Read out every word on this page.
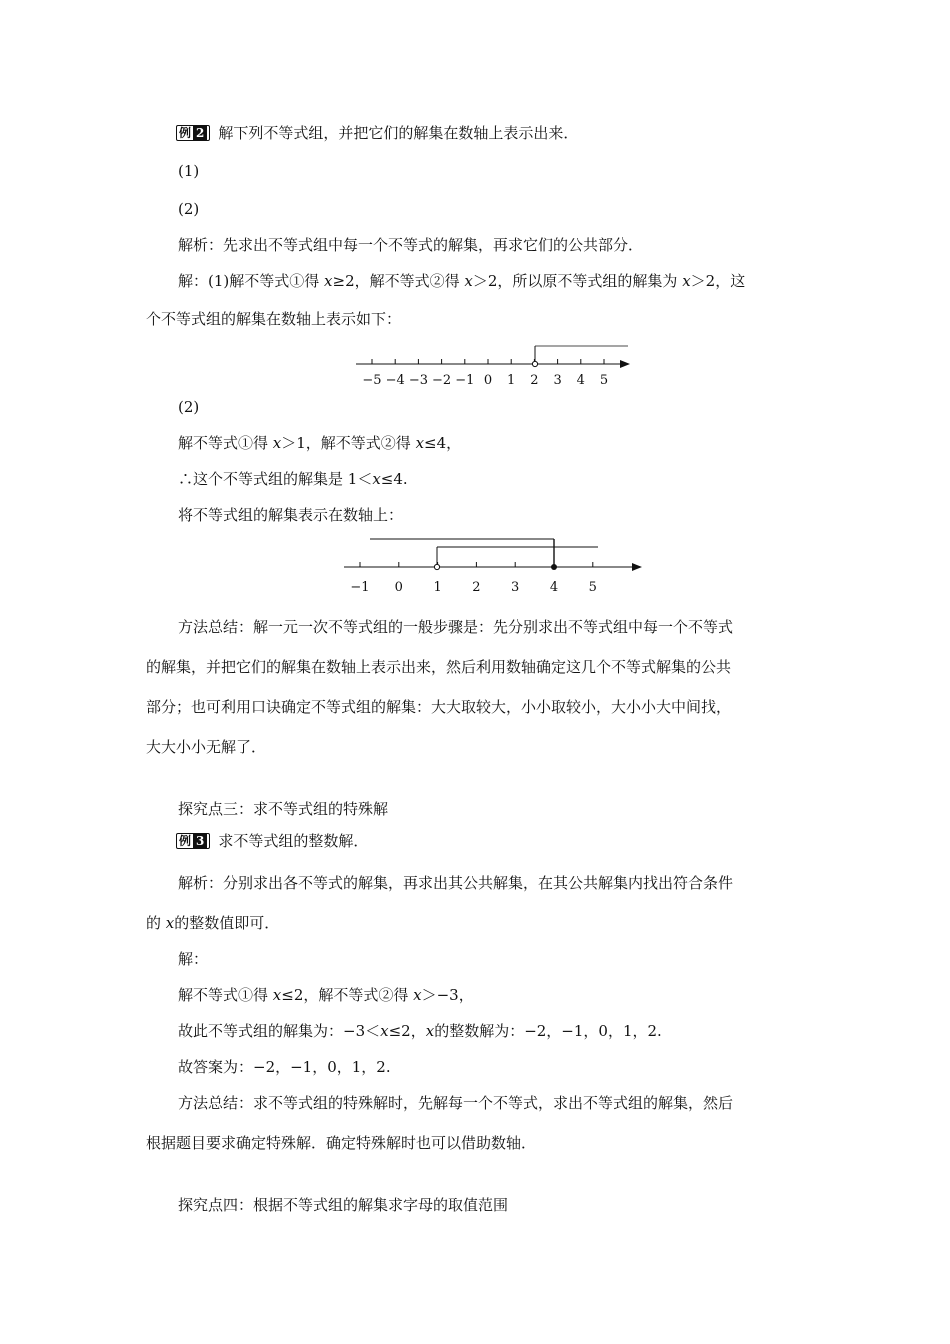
例 2 解下列不等式组，并把它们的解集在数轴上表示出来．
(1)
(2)
解析：先求出不等式组中每一个不等式的解集，再求它们的公共部分．
解：(1)解不等式①得 x≥2，解不等式②得 x＞2，所以原不等式组的解集为 x＞2，这
个不等式组的解集在数轴上表示如下：
−5 −4 −3 −2 −1 0 1 2 3 4 5
(2)
解不等式①得 x＞1，解不等式②得 x≤4，
∴这个不等式组的解集是 1＜x≤4.
将不等式组的解集表示在数轴上：
−1 0 1 2 3 4 5
方法总结：解一元一次不等式组的一般步骤是：先分别求出不等式组中每一个不等式
的解集，并把它们的解集在数轴上表示出来，然后利用数轴确定这几个不等式解集的公共
部分；也可利用口诀确定不等式组的解集：大大取较大，小小取较小，大小小大中间找，
大大小小无解了．
探究点三：求不等式组的特殊解
例 3 求不等式组的整数解．
解析：分别求出各不等式的解集，再求出其公共解集，在其公共解集内找出符合条件
的 x的整数值即可．
解：
解不等式①得 x≤2，解不等式②得 x＞−3，
故此不等式组的解集为：−3＜x≤2，x的整数解为：−2，−1，0，1，2.
故答案为：−2，−1，0，1，2.
方法总结：求不等式组的特殊解时，先解每一个不等式，求出不等式组的解集，然后
根据题目要求确定特殊解．确定特殊解时也可以借助数轴．
探究点四：根据不等式组的解集求字母的取值范围
